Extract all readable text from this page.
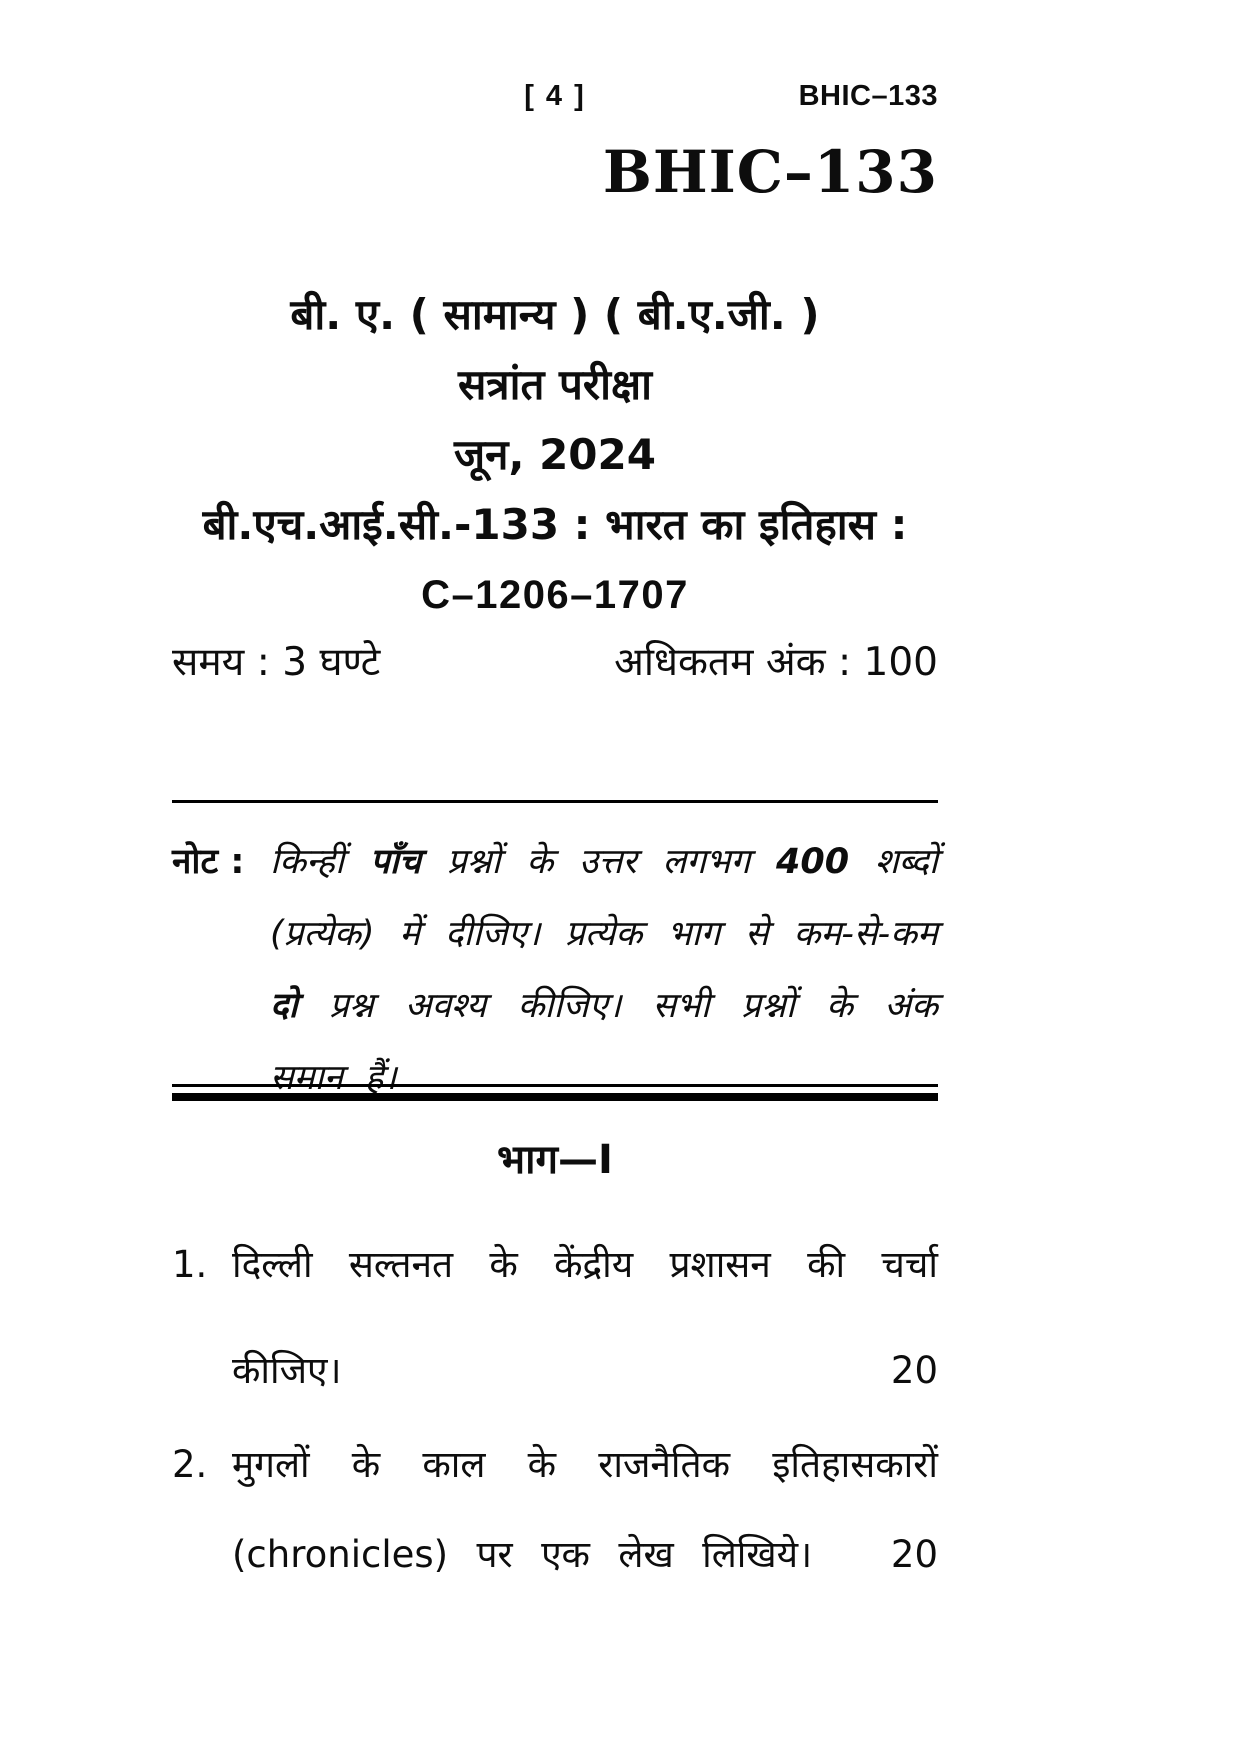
[ 4 ]	BHIC–133
BHIC–133
बी. ए. ( सामान्य ) ( बी.ए.जी. )
सत्रांत परीक्षा
जून, 2024
बी.एच.आई.सी.-133 : भारत का इतिहास :
C–1206–1707
समय : 3 घण्टे	अधिकतम अंक : 100
नोट : किन्हीं पाँच प्रश्नों के उत्तर लगभग 400 शब्दों (प्रत्येक) में दीजिए। प्रत्येक भाग से कम-से-कम दो प्रश्न अवश्य कीजिए। सभी प्रश्नों के अंक समान हैं।
भाग—I
1. दिल्ली सल्तनत के केंद्रीय प्रशासन की चर्चा कीजिए।	20
2. मुगलों के काल के राजनैतिक इतिहासकारों (chronicles) पर एक लेख लिखिये। 20
